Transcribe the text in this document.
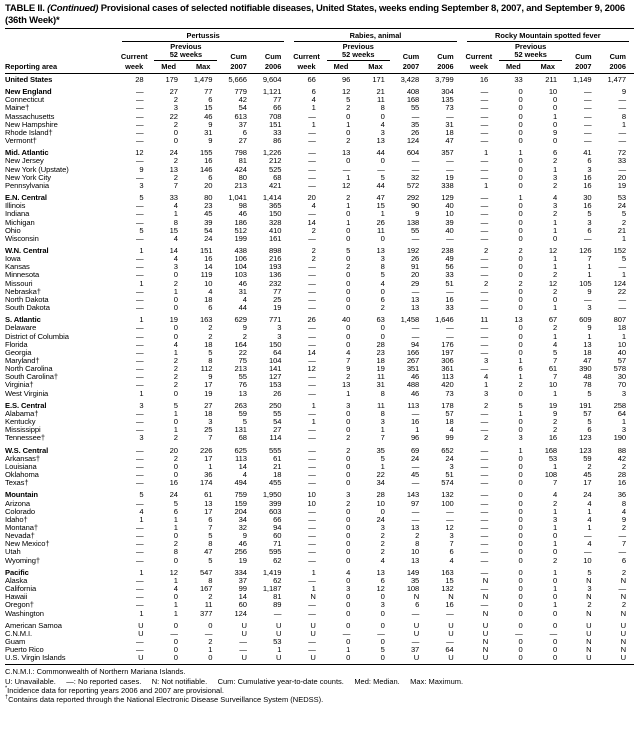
TABLE II. (Continued) Provisional cases of selected notifiable diseases, United States, weeks ending September 8, 2007, and September 9, 2006 (36th Week)*
Pertussis	Rabies, animal	Rocky Mountain spotted fever
Previous	Previous	Previous
Current	52 weeks	Cum	Cum	Current	52 weeks	Cum	Cum	Current	52 weeks	Cum	Cum
Reporting area	week	Med	Max	2007	2006	week	Med	Max	2007	2006	week	Med	Max	2007	2006
United States	28	179	1,479	5,666	9,604	66	96	171	3,428	3,799	16	33	211	1,149	1,477
New England	—	27	77	779	1,121	6	12	21	408	304	—	0	10	—	9
Connecticut	—	2	6	42	77	4	5	11	168	135	—	0	0	—	—
Maine†	—	3	15	54	66	1	2	8	55	73	—	0	0	—	—
Massachusetts	—	22	46	613	708	—	0	0	—	—	—	0	1	—	8
New Hampshire	—	2	9	37	151	1	1	4	35	31	—	0	0	—	1
Rhode Island†	—	0	31	6	33	—	0	3	26	18	—	0	9	—	—
Vermont†	—	0	9	27	86	—	2	13	124	47	—	0	0	—	—
Mid. Atlantic	12	24	155	798	1,226	—	13	44	604	357	1	1	6	41	72
New Jersey	—	2	16	81	212	—	0	0	—	—	—	0	2	6	33
New York (Upstate)	9	13	146	424	525	—	—	—	—	—	—	0	1	3	—
New York City	—	2	6	80	68	—	1	5	32	19	—	0	3	16	20
Pennsylvania	3	7	20	213	421	—	12	44	572	338	1	0	2	16	19
E.N. Central	5	33	80	1,041	1,414	20	2	47	292	129	—	1	4	30	53
Illinois	—	4	23	98	365	4	1	15	90	40	—	0	3	16	24
Indiana	—	1	45	46	150	—	0	1	9	10	—	0	2	5	5
Michigan	—	8	39	186	328	14	1	26	138	39	—	0	1	3	2
Ohio	5	15	54	512	410	2	0	11	55	40	—	0	1	6	21
Wisconsin	—	4	24	199	161	—	0	0	—	—	—	0	0	—	1
W.N. Central	1	14	151	438	898	2	5	13	192	238	2	2	12	126	152
Iowa	—	4	16	106	216	2	0	3	26	49	—	0	1	7	5
Kansas	—	3	14	104	193	—	2	8	91	56	—	0	1	1	—
Minnesota	—	0	119	103	136	—	0	5	20	33	—	0	2	1	1
Missouri	1	2	10	46	232	—	0	4	29	51	2	2	12	105	124
Nebraska†	—	1	4	31	77	—	0	0	—	—	—	0	2	9	22
North Dakota	—	0	18	4	25	—	0	6	13	16	—	0	0	—	—
South Dakota	—	0	6	44	19	—	0	2	13	33	—	0	1	3	—
S. Atlantic	1	19	163	629	771	26	40	63	1,458	1,646	11	13	67	609	807
Delaware	—	0	2	9	3	—	0	0	—	—	—	0	2	9	18
District of Columbia	—	0	2	2	3	—	0	0	—	—	—	0	1	1	1
Florida	—	4	18	164	150	—	0	28	94	176	—	0	4	13	10
Georgia	—	1	5	22	64	14	4	23	166	197	—	0	5	18	40
Maryland†	—	2	8	75	104	—	7	18	267	306	3	1	7	47	57
North Carolina	—	2	112	213	141	12	9	19	351	361	—	6	61	390	578
South Carolina†	—	2	9	55	127	—	2	11	46	113	4	1	7	48	30
Virginia†	—	2	17	76	153	—	13	31	488	420	1	2	10	78	70
West Virginia	1	0	19	13	26	—	1	8	46	73	3	0	1	5	3
E.S. Central	3	5	27	263	250	1	3	11	113	178	2	5	19	191	258
Alabama†	—	1	18	59	55	—	0	8	—	57	—	1	9	57	64
Kentucky	—	0	3	5	54	1	0	3	16	18	—	0	2	5	1
Mississippi	—	1	25	131	27	—	0	1	1	4	—	0	2	6	3
Tennessee†	3	2	7	68	114	—	2	7	96	99	2	3	16	123	190
W.S. Central	—	20	226	625	555	—	2	35	69	652	—	1	168	123	88
Arkansas†	—	2	17	113	61	—	0	5	24	24	—	0	53	59	42
Louisiana	—	0	1	14	21	—	0	1	—	3	—	0	1	2	2
Oklahoma	—	0	36	4	18	—	0	22	45	51	—	0	108	45	28
Texas†	—	16	174	494	455	—	0	34	—	574	—	0	7	17	16
Mountain	5	24	61	759	1,950	10	3	28	143	132	—	0	4	24	36
Arizona	—	5	13	159	399	10	2	10	97	100	—	0	2	4	8
Colorado	4	6	17	204	603	—	0	0	—	—	—	0	1	1	4
Idaho†	1	1	6	34	66	—	0	24	—	—	—	0	3	4	9
Montana†	—	1	7	32	94	—	0	3	13	12	—	0	1	1	2
Nevada†	—	0	5	9	60	—	0	2	2	3	—	0	0	—	—
New Mexico†	—	2	8	46	71	—	0	2	8	7	—	0	1	4	7
Utah	—	8	47	256	595	—	0	2	10	6	—	0	0	—	—
Wyoming†	—	0	5	19	62	—	0	4	13	4	—	0	2	10	6
Pacific	1	12	547	334	1,419	1	4	13	149	163	—	0	1	5	2
Alaska	—	1	8	37	62	—	0	6	35	15	N	0	0	N	N
California	—	4	167	99	1,187	1	3	12	108	132	—	0	1	3	—
Hawaii	—	0	2	14	81	N	0	0	N	N	N	0	0	N	N
Oregon†	—	1	11	60	89	—	0	3	6	16	—	0	1	2	2
Washington	1	1	377	124	—	—	0	0	—	—	N	0	0	N	N
American Samoa	U	0	0	U	U	U	0	0	U	U	U	0	0	U	U
C.N.M.I.	U	—	—	U	U	U	—	—	U	U	U	—	—	U	U
Guam	—	0	2	—	53	—	0	0	—	—	N	0	0	N	N
Puerto Rico	—	0	1	—	1	—	1	5	37	64	N	0	0	N	N
U.S. Virgin Islands	U	0	0	U	U	U	0	0	U	U	U	0	0	U	U
C.N.M.I.: Commonwealth of Northern Mariana Islands.
U: Unavailable.     —: No reported cases.     N: Not notifiable.     Cum: Cumulative year-to-date counts.     Med: Median.     Max: Maximum.
*Incidence data for reporting years 2006 and 2007 are provisional.
†Contains data reported through the National Electronic Disease Surveillance System (NEDSS).
